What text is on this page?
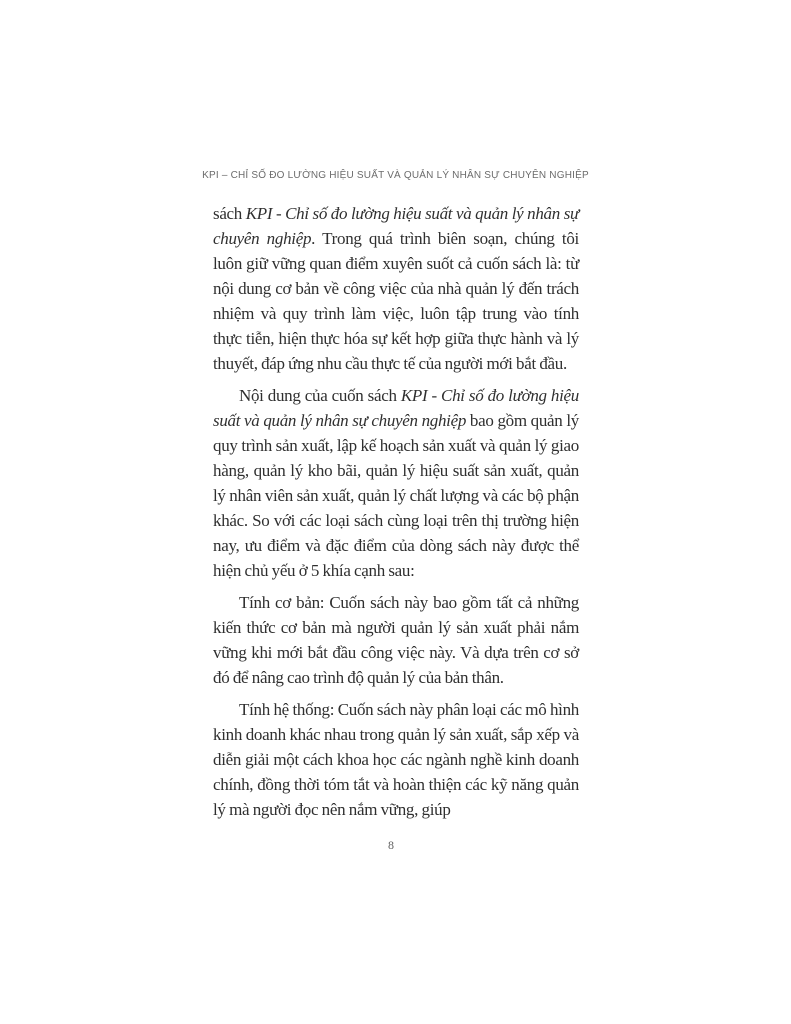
KPI – CHỈ SỐ ĐO LƯỜNG HIỆU SUẤT VÀ QUẢN LÝ NHÂN SỰ CHUYÊN NGHIỆP

sách KPI - Chỉ số đo lường hiệu suất và quản lý nhân sự chuyên nghiệp. Trong quá trình biên soạn, chúng tôi luôn giữ vững quan điểm xuyên suốt cả cuốn sách là: từ nội dung cơ bản về công việc của nhà quản lý đến trách nhiệm và quy trình làm việc, luôn tập trung vào tính thực tiễn, hiện thực hóa sự kết hợp giữa thực hành và lý thuyết, đáp ứng nhu cầu thực tế của người mới bắt đầu.

Nội dung của cuốn sách KPI - Chỉ số đo lường hiệu suất và quản lý nhân sự chuyên nghiệp bao gồm quản lý quy trình sản xuất, lập kế hoạch sản xuất và quản lý giao hàng, quản lý kho bãi, quản lý hiệu suất sản xuất, quản lý nhân viên sản xuất, quản lý chất lượng và các bộ phận khác. So với các loại sách cùng loại trên thị trường hiện nay, ưu điểm và đặc điểm của dòng sách này được thể hiện chủ yếu ở 5 khía cạnh sau:

Tính cơ bản: Cuốn sách này bao gồm tất cả những kiến thức cơ bản mà người quản lý sản xuất phải nắm vững khi mới bắt đầu công việc này. Và dựa trên cơ sở đó để nâng cao trình độ quản lý của bản thân.

Tính hệ thống: Cuốn sách này phân loại các mô hình kinh doanh khác nhau trong quản lý sản xuất, sắp xếp và diễn giải một cách khoa học các ngành nghề kinh doanh chính, đồng thời tóm tắt và hoàn thiện các kỹ năng quản lý mà người đọc nên nắm vững, giúp

8
